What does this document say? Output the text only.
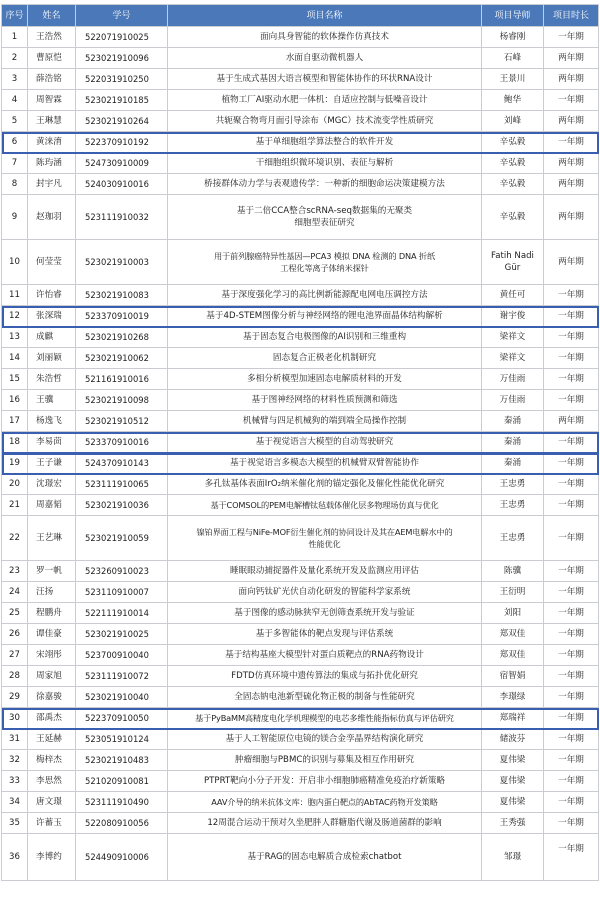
序号	姓名	学号	项目名称	项目导师	项目时长
1	王浩然	522071910025	面向具身智能的软体操作仿真技术	杨睿刚	一年期
2	曹原恺	523021910096	水面自驱动微机器人	石峰	两年期
3	薛浩铭	522031910250	基于生成式基因大语言模型和智能体协作的环状RNA设计	王景川	两年期
4	周智霖	523021910185	植物工厂AI驱动水肥一体机：自适应控制与低噪音设计	鲍华	一年期
5	王琳慧	523021910264	共轭聚合物弯月面引导涂布（MGC）技术流变学性质研究	刘峰	两年期
6	黄涞淯	522370910192	基于单细胞组学算法整合的软件开发	辛弘毅	一年期
7	陈玙涵	524730910009	干细胞组织微环境识别、表征与解析	辛弘毅	两年期
8	封宇凡	524030910016	桥接群体动力学与表观遗传学：一种新的细胞命运决策建模方法	辛弘毅	两年期
9	赵珈羽	523111910032	基于二倍CCA整合scRNA-seq数据集的无聚类
细胞型表征研究	辛弘毅	两年期
10	何莹莹	523021910003	用于前列腺癌特异性基因—PCA3 模拟 DNA 检测的 DNA 折纸
工程化等离子体纳米探针	Fatih Nadi Gür	两年期
11	许怡睿	523021910083	基于深度强化学习的高比例新能源配电网电压调控方法	黄任可	一年期
12	张深瑞	523370910019	基于4D-STEM图像分析与神经网络的锂电池界面晶体结构解析	谢宇俊	一年期
13	成麒	523021910268	基于固态复合电极图像的AI识别和三维重构	梁祥文	一年期
14	刘丽颖	523021910062	固态复合正极老化机制研究	梁祥文	一年期
15	朱浩哲	521161910016	多相分析模型加速固态电解质材料的开发	万佳雨	一年期
16	王骥	523021910098	基于图神经网络的材料性质预测和筛选	万佳雨	一年期
17	杨逸飞	523021910512	机械臂与四足机械狗的端到端全局操作控制	秦涌	两年期
18	李易茴	523370910016	基于视觉语言大模型的自动驾驶研究	秦涌	一年期
19	王子谦	524370910143	基于视觉语言多模态大模型的机械臂双臂智能协作	秦涌	一年期
20	沈璟宏	523111910065	多孔钛基体表面IrO₂纳米催化剂的锚定强化及催化性能优化研究	王忠勇	一年期
21	周嘉韬	523021910036	基于COMSOL的PEM电解槽钛毡载体催化层多物理场仿真与优化	王忠勇	一年期
22	王艺琳	523021910059	镍铂界面工程与NiFe-MOF衍生催化剂的协同设计及其在AEM电解水中的
性能优化	王忠勇	一年期
23	罗一帆	523260910023	睡眠眼动捕捉器件及量化系统开发及监测应用评估	陈骥	一年期
24	汪扬	523110910007	面向钙钛矿光伏自动化研发的智能科学家系统	王衍明	一年期
25	程鹏舟	522111910014	基于图像的感动脉狭窄无创筛查系统开发与验证	刘阳	一年期
26	谭佳豪	523021910025	基于多智能体的靶点发现与评估系统	郑双佳	一年期
27	宋翊彤	523700910040	基于结构基座大模型针对蛋白质靶点的RNA药物设计	郑双佳	一年期
28	周家旭	523111910072	FDTD仿真环境中遗传算法的集成与拓扑优化研究	宿智娟	一年期
29	徐嘉骏	523021910040	全固态钠电池新型硫化物正极的制备与性能研究	李璟绿	一年期
30	邵禹杰	522370910050	基于PyBaMM高精度电化学机理模型的电芯多维性能指标仿真与评估研究	郑瑞祥	一年期
31	王延赫	523051910124	基于人工智能原位电镜的镁合金孪晶界结构演化研究	储波芬	一年期
32	梅梓杰	523021910483	肿瘤细胞与PBMC的识别与募集及相互作用研究	夏伟梁	一年期
33	李思然	521020910081	PTPRT靶向小分子开发：开启非小细胞肺癌精准免疫治疗新策略	夏伟梁	一年期
34	唐文璟	523111910490	AAV介导的纳米抗体文库：胞内蛋白靶点的AbTAC药物开发策略	夏伟梁	一年期
35	许蓄玉	522080910056	12周混合运动干预对久坐肥胖人群糖脂代谢及肠道菌群的影响	王秀强	一年期
36	李博约	524490910006	基于RAG的固态电解质合成检索chatbot	邹璟	一年期
